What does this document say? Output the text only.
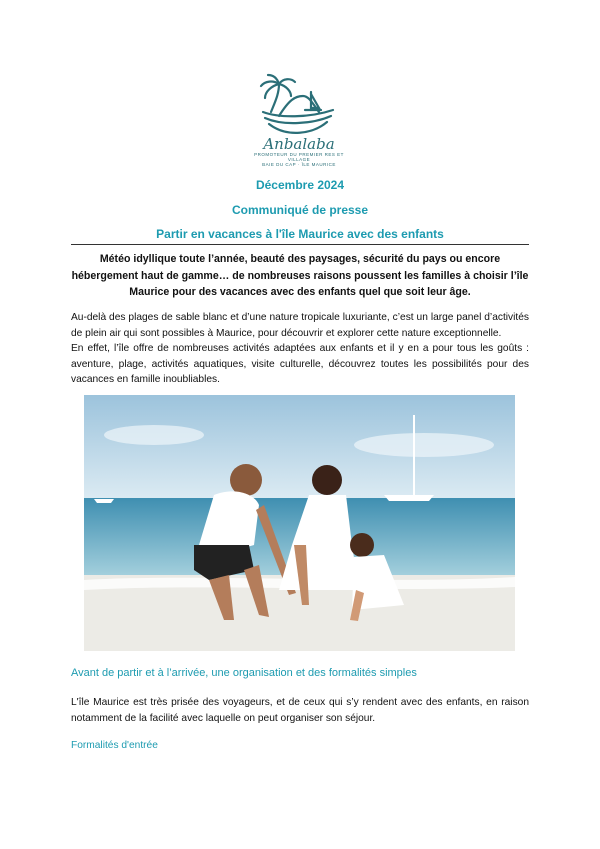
Anbalaba
PROMOTEUR DU PREMIER RES ET VILLAGE
BAIE DU CAP · ÎLE MAURICE
Décembre 2024
Communiqué de presse
Partir en vacances à l'île Maurice avec des enfants
Météo idyllique toute l’année, beauté des paysages, sécurité du pays ou encore hébergement haut de gamme… de nombreuses raisons poussent les familles à choisir l’île Maurice pour des vacances avec des enfants quel que soit leur âge.
Au-delà des plages de sable blanc et d’une nature tropicale luxuriante, c’est un large panel d’activités de plein air qui sont possibles à Maurice, pour découvrir et explorer cette nature exceptionnelle.
En effet, l’île offre de nombreuses activités adaptées aux enfants et il y en a pour tous les goûts : aventure, plage, activités aquatiques, visite culturelle, découvrez toutes les possibilités pour des vacances en famille inoubliables.
Avant de partir et à l’arrivée, une organisation et des formalités simples
L'île Maurice est très prisée des voyageurs, et de ceux qui s’y rendent avec des enfants, en raison notamment de la facilité avec laquelle on peut organiser son séjour.
Formalités d'entrée
